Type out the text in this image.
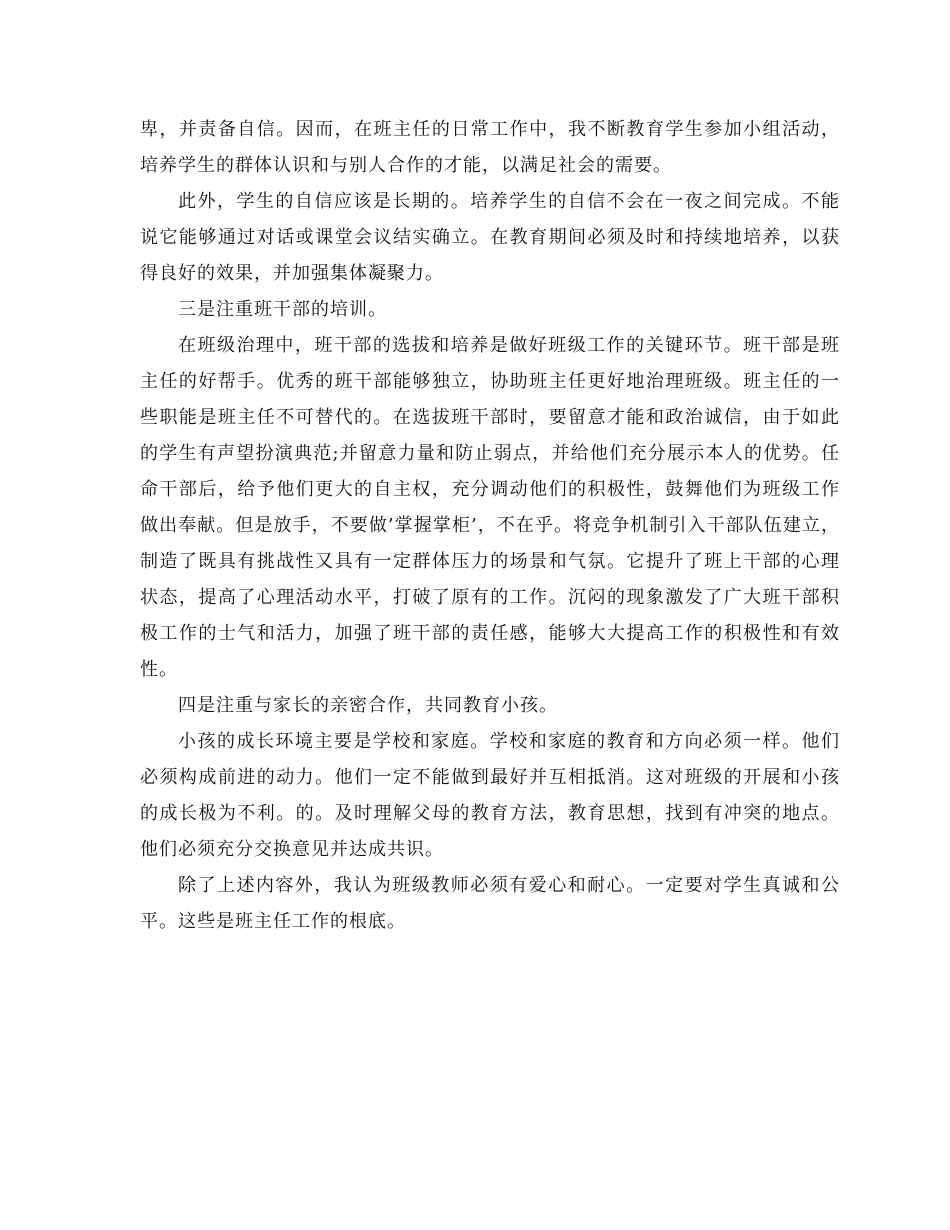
卑，并责备自信。因而，在班主任的日常工作中，我不断教育学生参加小组活动，培养学生的群体认识和与别人合作的才能，以满足社会的需要。

此外，学生的自信应该是长期的。培养学生的自信不会在一夜之间完成。不能说它能够通过对话或课堂会议结实确立。在教育期间必须及时和持续地培养，以获得良好的效果，并加强集体凝聚力。

三是注重班干部的培训。

在班级治理中，班干部的选拔和培养是做好班级工作的关键环节。班干部是班主任的好帮手。优秀的班干部能够独立，协助班主任更好地治理班级。班主任的一些职能是班主任不可替代的。在选拔班干部时，要留意才能和政治诚信，由于如此的学生有声望扮演典范;并留意力量和防止弱点，并给他们充分展示本人的优势。任命干部后，给予他们更大的自主权，充分调动他们的积极性，鼓舞他们为班级工作做出奉献。但是放手，不要做’掌握掌柜’，不在乎。将竞争机制引入干部队伍建立，制造了既具有挑战性又具有一定群体压力的场景和气氛。它提升了班上干部的心理状态，提高了心理活动水平，打破了原有的工作。沉闷的现象激发了广大班干部积极工作的士气和活力，加强了班干部的责任感，能够大大提高工作的积极性和有效性。

四是注重与家长的亲密合作，共同教育小孩。

小孩的成长环境主要是学校和家庭。学校和家庭的教育和方向必须一样。他们必须构成前进的动力。他们一定不能做到最好并互相抵消。这对班级的开展和小孩的成长极为不利。的。及时理解父母的教育方法，教育思想，找到有冲突的地点。他们必须充分交换意见并达成共识。

除了上述内容外，我认为班级教师必须有爱心和耐心。一定要对学生真诚和公平。这些是班主任工作的根底。
